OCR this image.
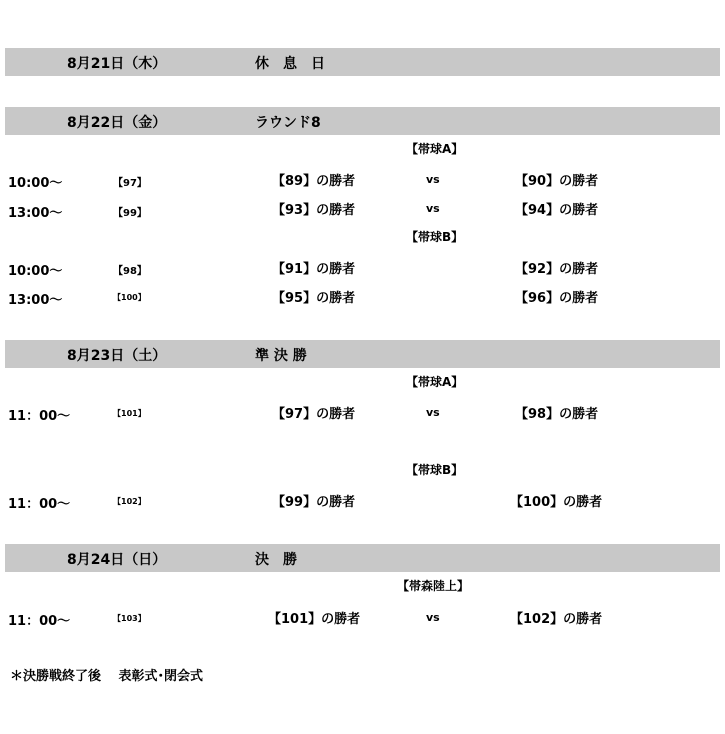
8月21日（木）	休　息　日
8月22日（金）	ラウンド8
【帯球A】
10:00～	【97】	【89】の勝者	vs	【90】の勝者
13:00～	【99】	【93】の勝者	vs	【94】の勝者
【帯球B】
10:00～	【98】	【91】の勝者	【92】の勝者
13:00～	【100】	【95】の勝者	【96】の勝者
8月23日（土）	準 決 勝
【帯球A】
11：00～	【101】	【97】の勝者	vs	【98】の勝者
【帯球B】
11：00～	【102】	【99】の勝者	【100】の勝者
8月24日（日）	決　勝
【帯森陸上】
11：00～	【103】	【101】の勝者	vs	【102】の勝者
＊決勝戦終了後　 表彰式･閉会式
